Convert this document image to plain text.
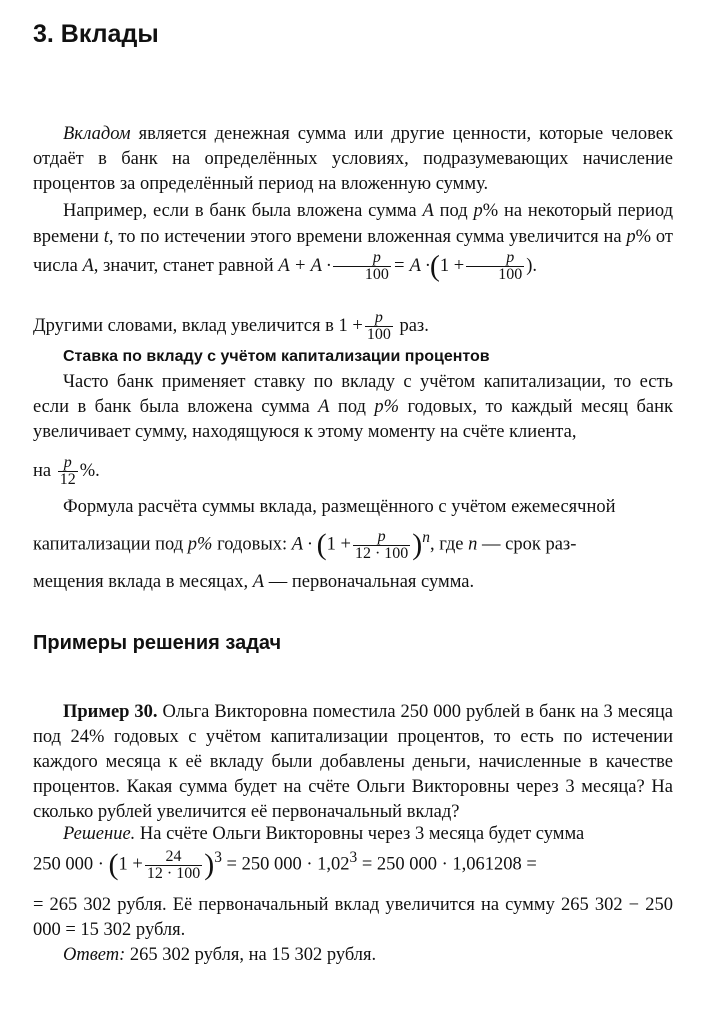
3. Вклады

Вкладом является денежная сумма или другие ценности, которые человек отдаёт в банк на определённых условиях, подразумевающих начисление процентов за определённый период на вложенную сумму.

Например, если в банк была вложена сумма A под p% на некоторый период времени t, то по истечении этого времени вложенная сумма увеличится на p% от числа A, значит, станет равной $A + A \cdot \frac{p}{100} = A \cdot(1 + \frac{p}{100}$ ).

Другими словами, вклад увеличится в $1 + \frac{p}{100}$ раз.

Ставка по вкладу с учётом капитализации процентов

Часто банк применяет ставку по вкладу с учётом капитализации, то есть если в банк была вложена сумма A под p% годовых, то каждый месяц банк увеличивает сумму, находящуюся к этому моменту на счёте клиента,

на $\frac{p}{12}$ %.
Формула расчёта суммы вклада, размещённого с учётом ежемесячной
капитализации под p% годовых: $A \cdot (1 + \frac{p}{12 \cdot 100} )^n$, где n — срок раз-
мещения вклада в месяцах, A — первоначальная сумма.
Примеры решения задач

Пример 30. Ольга Викторовна поместила 250 000 рублей в банк на 3 месяца под 24% годовых с учётом капитализации процентов, то есть по истечении каждого месяца к её вкладу были добавлены деньги, начисленные в качестве процентов. Какая сумма будет на счёте Ольги Викторовны через 3 месяца? На сколько рублей увеличится её первоначальный вклад?

Решение. На счёте Ольги Викторовны через 3 месяца будет сумма
250 $000 \cdot (1 + \frac{24}{12 \cdot 100} )^3 = 250$ $000 \cdot 1,02^3 = 250$ 000 · 1,061208 =

= 265 302 рубля. Её первоначальный вклад увеличится на сумму 265 302 − 250 000 = 15 302 рубля.

Ответ: 265 302 рубля, на 15 302 рубля.
